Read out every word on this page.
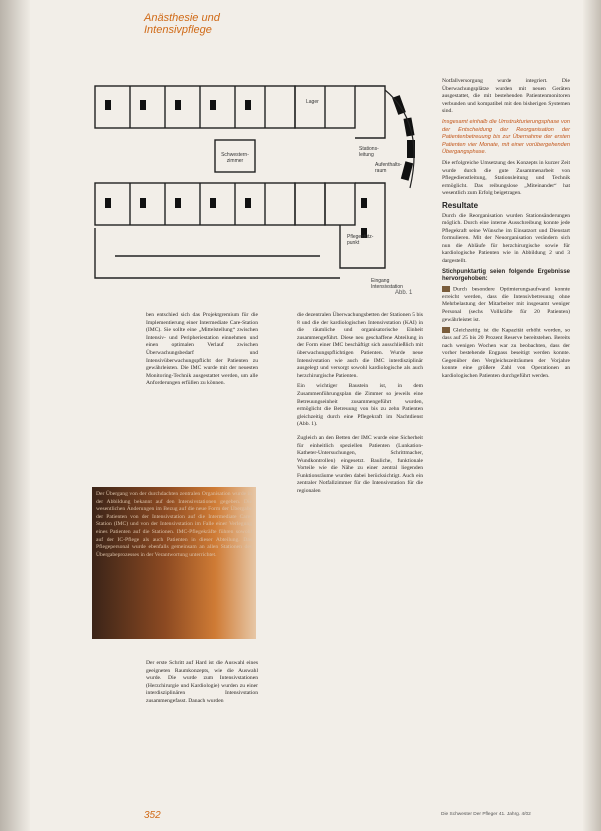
Anästhesie und
Intensivpflege
Schwestern-zimmer
Lager
Stations-leitung
Aufenthalts-raum
Pflegestütz-punkt
Eingang Intensivstation
Abb. 1

ben entschied sich das Projektgremium für die Implementierung einer Intermediate Care-Station (IMC). Sie sollte eine „Mittelstellung“ zwischen Intensiv- und Peripheriestation einnehmen und einen optimalen Verlauf zwischen Überwachungsbedarf und Intensivüberwachungspflicht der Patienten zu gewährleisten. Die IMC wurde mit der neuesten Monitoring-Technik ausgestattet werden, um alle Anforderungen erfüllen zu können.

Der Übergang von der durchdachten zentralen Organisation wurde in der Abbildung bekannt auf den Intensivstationen gegeben. Die wesentlichen Änderungen im Bezug auf die neue Form der Übergabe der Patienten von der Intensivstation auf die Intermediate Care-Station (IMC) und von der Intensivstation im Falle einer Verlegung eines Patienten auf die Stationen. IMC-Pflegekräfte führen sowohl auf der IC-Pflege als auch Patienten in dieser Abteilung. Das Pflegepersonal wurde ebenfalls gemeinsam an allen Stationen des Übergabeprozesses in der Verantwortung unterrichtet.

Der erste Schritt auf Hard ist die Auswahl eines geeigneten Raumkonzepts, wie die Auswahl wurde. Die wurde zum Intensivstationen (Herzchirurgie und Kardiologie) wurden zu einer interdisziplinären Intensivstation zusammengefasst. Danach wurden

die dezentralen Überwachungsbetten der Stationen 5 bis 8 und die der kardiologischen Intensivstation (KAI) in die räumliche und organisatorische Einheit zusammengeführt. Diese neu geschaffene Abteilung in der Form einer IMC beschäftigt sich ausschließlich mit überwachungspflichtigen Patienten. Wurde neue Intensivstation wie auch die IMC interdisziplinär ausgelegt und versorgt sowohl kardiologische als auch herzchirurgische Patienten.

Ein wichtiger Baustein ist, in dem Zusammenführungsplan die Zimmer so jeweils eine Betreuungseinheit zusammengeführt wurden, ermöglicht die Betreuung von bis zu zehn Patienten gleichzeitig durch eine Pflegekraft im Nachtdienst (Abb. 1).

Zugleich an den Betten der IMC wurde eine Sicherheit für einheitlich speziellen Patienten (Lunkation-Katheter-Untersuchungen, Schrittmacher, Wundkontrollen) eingesetzt. Bauliche, funktionale Vorteile wie die Nähe zu einer zentral liegenden Funktionsräume wurden dabei berücksichtigt. Auch ein zentraler Notfallzimmer für die Intensivstation für die regionalen

Notfallversorgung wurde integriert. Die Überwachungsplätze wurden mit neuen Geräten ausgestattet, die mit bestehenden Patientenmonitoren verbunden und kompatibel mit den bisherigen Systemen sind.

Insgesamt einhalb die Umstrukturierungsphase von der Entscheidung der Reorganisation der Patientenbetreuung bis zur Übernahme der ersten Patienten vier Monate, mit einer vorübergehenden Übergangsphase.

Die erfolgreiche Umsetzung des Konzepts in kurzer Zeit wurde durch die gute Zusammenarbeit von Pflegedienstleitung, Stationsleitung und Technik ermöglicht. Das reibungslose „Miteinander“ hat wesentlich zum Erfolg beigetragen.

Resultate

Durch die Reorganisation wurden Stationsänderungen möglich. Durch eine interne Ausschreibung konnte jede Pflegekraft seine Wünsche im Einsatzort und Dienstart formulieren. Mit der Neuorganisation verändern sich nun die Abläufe für herzchirurgische sowie für kardiologische Patienten wie in Abbildung 2 und 3 dargestellt.

Stichpunktartig seien folgende Ergebnisse hervorgehoben:

Durch besondere Optimierungsaufwand konnte erreicht werden, dass die Intensivbetreuung ohne Mehrbelastung der Mitarbeiter mit insgesamt weniger Personal (sechs Vollkräfte für 20 Patienten) gewährleistet ist.

Gleichzeitig ist die Kapazität erhöht worden, so dass auf 25 bis 20 Prozent Reserve bereitstehen. Bereits nach wenigen Wochen war zu beobachten, dass der vorher bestehende Engpass beseitigt werden konnte. Gegenüber den Vergleichszeiträumen der Vorjahre konnte eine größere Zahl von Operationen an kardiologischen Patienten durchgeführt werden.

352	Die Schwester Der Pfleger 41. Jahrg. 4/02
